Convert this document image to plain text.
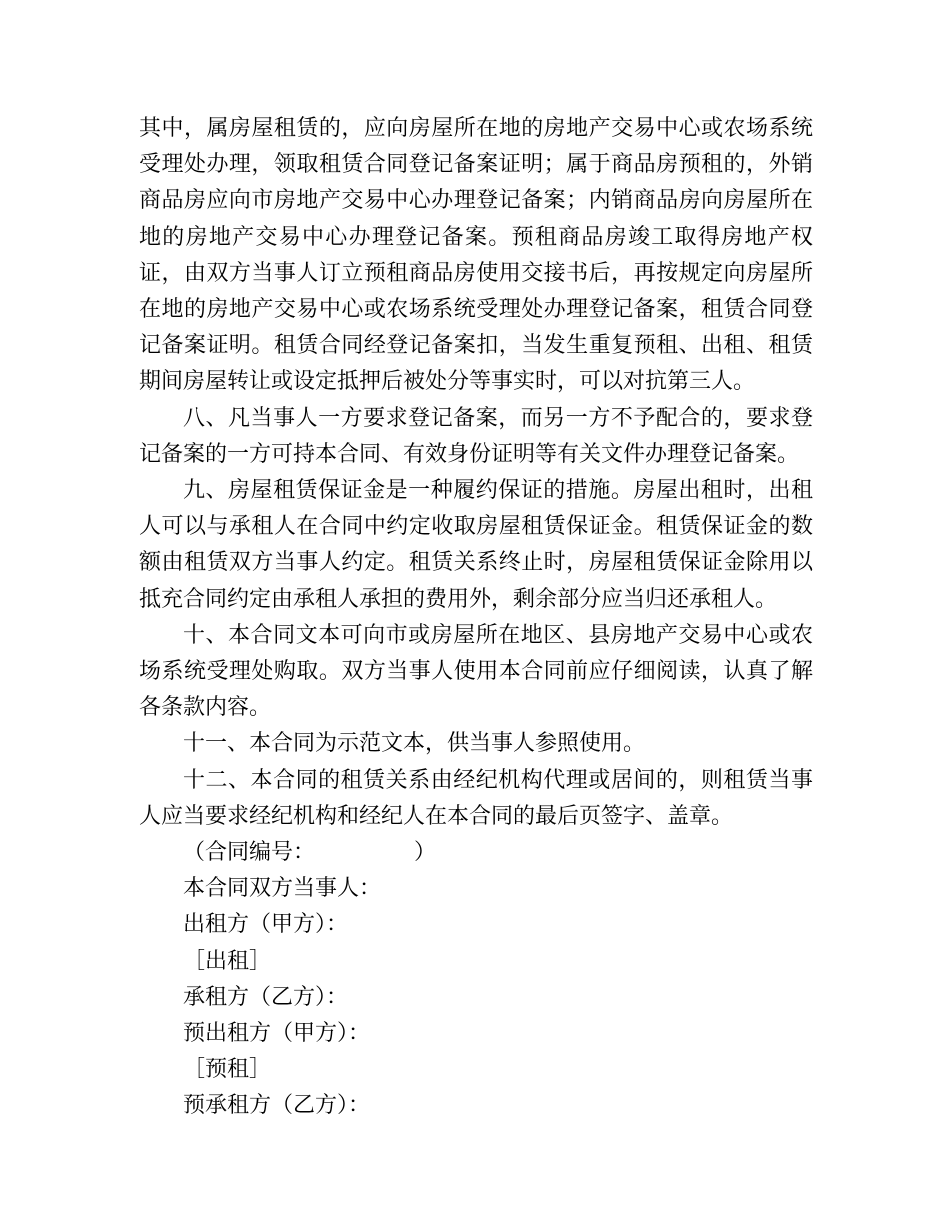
其中，属房屋租赁的，应向房屋所在地的房地产交易中心或农场系统受理处办理，领取租赁合同登记备案证明；属于商品房预租的，外销商品房应向市房地产交易中心办理登记备案；内销商品房向房屋所在地的房地产交易中心办理登记备案。预租商品房竣工取得房地产权证，由双方当事人订立预租商品房使用交接书后，再按规定向房屋所在地的房地产交易中心或农场系统受理处办理登记备案，租赁合同登记备案证明。租赁合同经登记备案扣，当发生重复预租、出租、租赁期间房屋转让或设定抵押后被处分等事实时，可以对抗第三人。

八、凡当事人一方要求登记备案，而另一方不予配合的，要求登记备案的一方可持本合同、有效身份证明等有关文件办理登记备案。

九、房屋租赁保证金是一种履约保证的措施。房屋出租时，出租人可以与承租人在合同中约定收取房屋租赁保证金。租赁保证金的数额由租赁双方当事人约定。租赁关系终止时，房屋租赁保证金除用以抵充合同约定由承租人承担的费用外，剩余部分应当归还承租人。

十、本合同文本可向市或房屋所在地区、县房地产交易中心或农场系统受理处购取。双方当事人使用本合同前应仔细阅读，认真了解各条款内容。

十一、本合同为示范文本，供当事人参照使用。

十二、本合同的租赁关系由经纪机构代理或居间的，则租赁当事人应当要求经纪机构和经纪人在本合同的最后页签字、盖章。

（合同编号：　　　　　）

本合同双方当事人：

出租方（甲方）：

［出租］

承租方（乙方）：

预出租方（甲方）：

［预租］

预承租方（乙方）：
